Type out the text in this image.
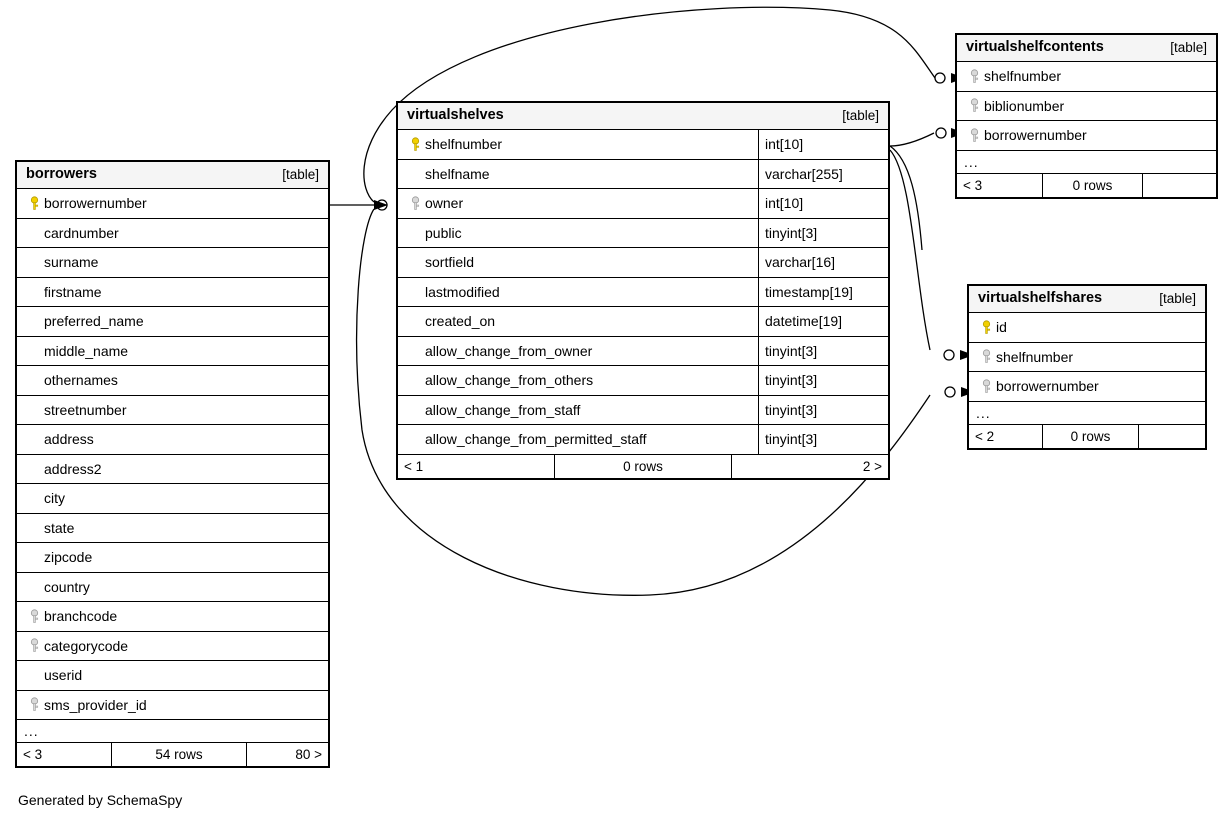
borrowers	[table]
borrowernumber
cardnumber
surname
firstname
preferred_name
middle_name
othernames
streetnumber
address
address2
city
state
zipcode
country
branchcode
categorycode
userid
sms_provider_id
...
< 3	54 rows	80 >
virtualshelves	[table]
shelfnumber	int[10]
shelfname	varchar[255]
owner	int[10]
public	tinyint[3]
sortfield	varchar[16]
lastmodified	timestamp[19]
created_on	datetime[19]
allow_change_from_owner	tinyint[3]
allow_change_from_others	tinyint[3]
allow_change_from_staff	tinyint[3]
allow_change_from_permitted_staff	tinyint[3]
< 1	0 rows	2 >
virtualshelfcontents	[table]
shelfnumber
biblionumber
borrowernumber
...
< 3	0 rows
virtualshelfshares	[table]
id
shelfnumber
borrowernumber
...
< 2	0 rows
Generated by SchemaSpy
